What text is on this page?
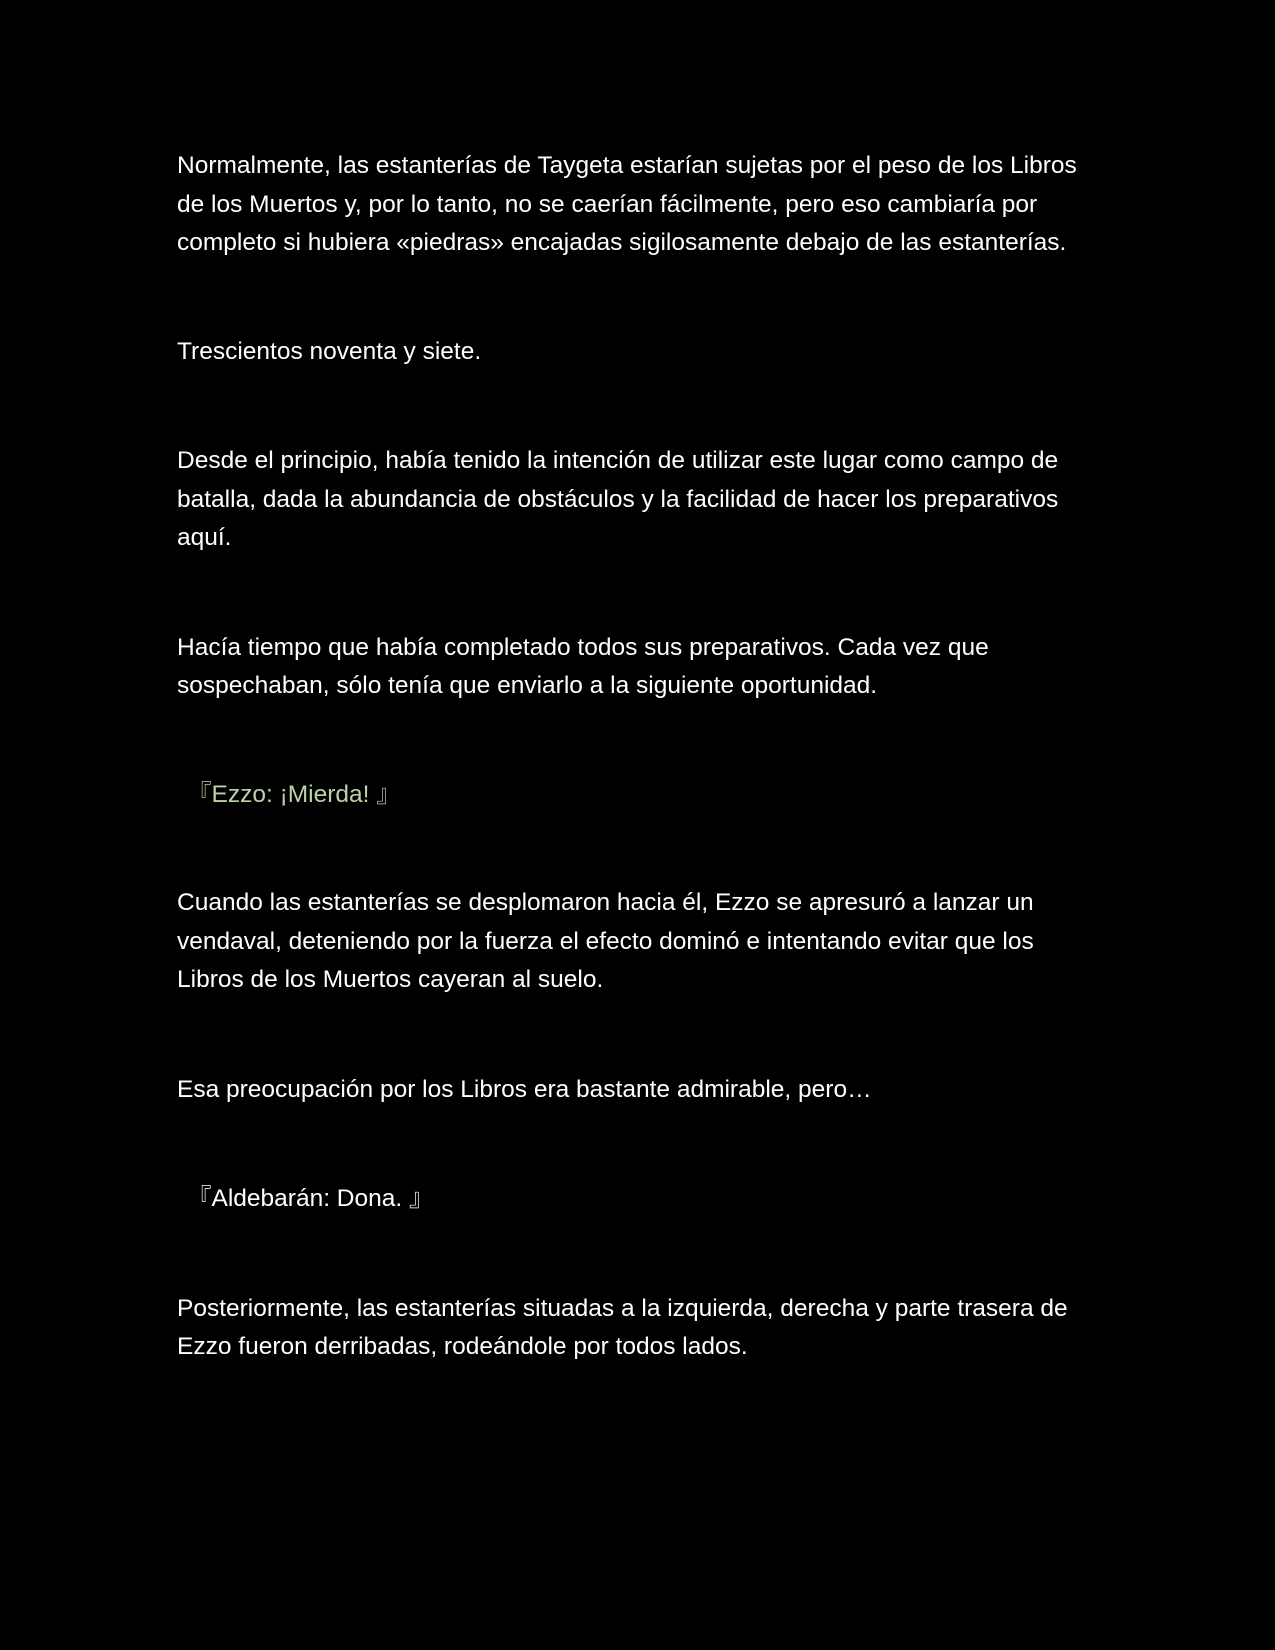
Normalmente, las estanterías de Taygeta estarían sujetas por el peso de los Libros de los Muertos y, por lo tanto, no se caerían fácilmente, pero eso cambiaría por completo si hubiera «piedras» encajadas sigilosamente debajo de las estanterías.

Trescientos noventa y siete.

Desde el principio, había tenido la intención de utilizar este lugar como campo de batalla, dada la abundancia de obstáculos y la facilidad de hacer los preparativos aquí.

Hacía tiempo que había completado todos sus preparativos. Cada vez que sospechaban, sólo tenía que enviarlo a la siguiente oportunidad.

『Ezzo: ¡Mierda! 』

Cuando las estanterías se desplomaron hacia él, Ezzo se apresuró a lanzar un vendaval, deteniendo por la fuerza el efecto dominó e intentando evitar que los Libros de los Muertos cayeran al suelo.

Esa preocupación por los Libros era bastante admirable, pero…

『Aldebarán: Dona. 』

Posteriormente, las estanterías situadas a la izquierda, derecha y parte trasera de Ezzo fueron derribadas, rodeándole por todos lados.
